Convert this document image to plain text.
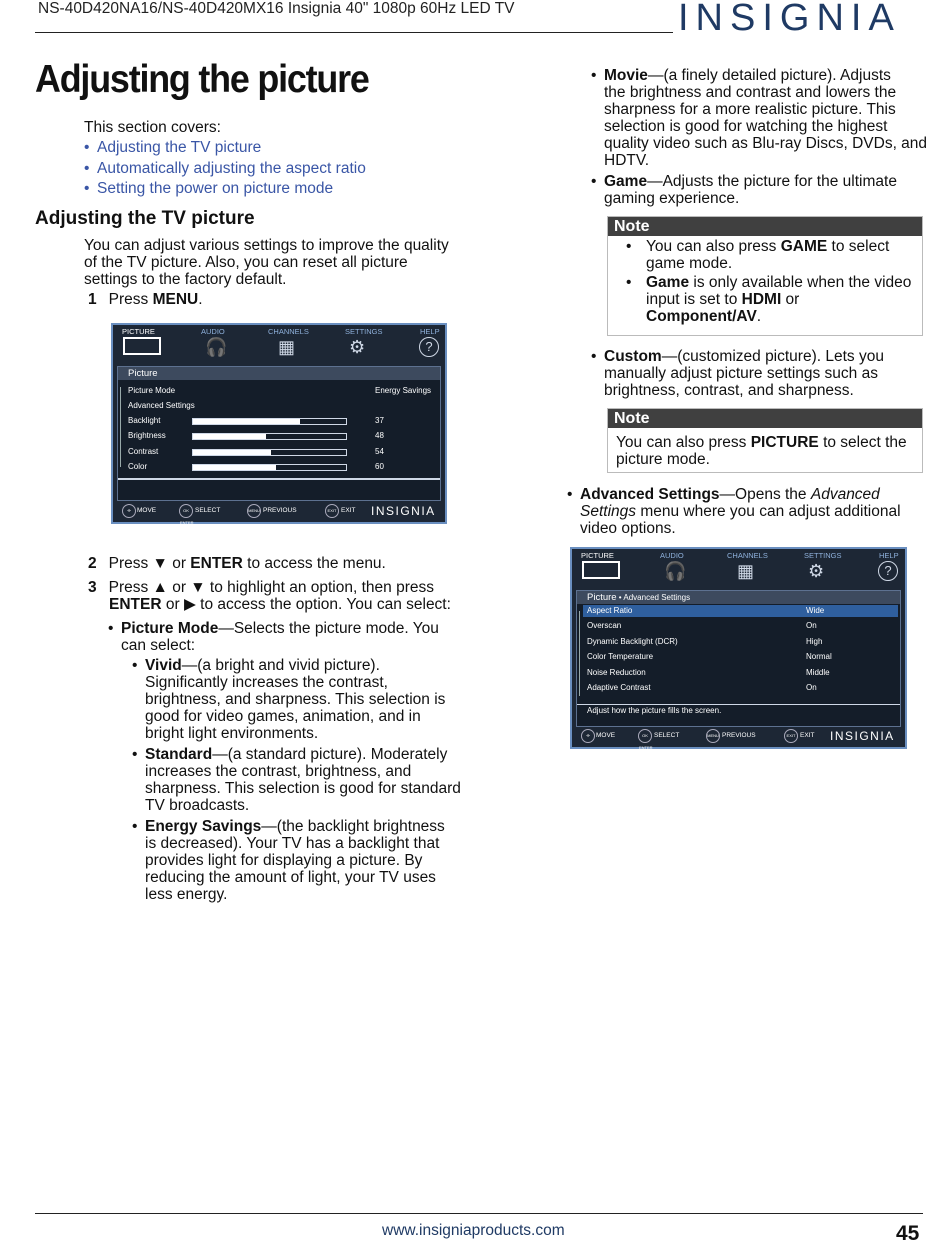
NS-40D420NA16/NS-40D420MX16 Insignia 40" 1080p 60Hz LED TV	INSIGNIA
Adjusting the picture
This section covers:
• Adjusting the TV picture
• Automatically adjusting the aspect ratio
• Setting the power on picture mode
Adjusting the TV picture
You can adjust various settings to improve the quality
of the TV picture. Also, you can reset all picture
settings to the factory default.
1 Press MENU.
PICTURE	AUDIO	CHANNELS	SETTINGS	HELP
🎧	▦	⚙	?
Picture
Picture Mode	Energy Savings
Advanced Settings
Backlight	37
Brightness	48
Contrast	54
Color	60
✣ MOVE	OK ENTER
SELECT	MENU PREVIOUS	EXIT EXIT INSIGNIA
2 Press ▼ or ENTER to access the menu.
3 Press ▲ or ▼ to highlight an option, then press
ENTER or ▶ to access the option. You can select:
• Picture Mode—Selects the picture mode. You
can select:
• Vivid—(a bright and vivid picture).
Significantly increases the contrast,
brightness, and sharpness. This selection is
good for video games, animation, and in
bright light environments.
• Standard—(a standard picture). Moderately
increases the contrast, brightness, and
sharpness. This selection is good for standard
TV broadcasts.
• Energy Savings—(the backlight brightness
is decreased). Your TV has a backlight that
provides light for displaying a picture. By
reducing the amount of light, your TV uses
less energy.
• Movie—(a finely detailed picture). Adjusts
the brightness and contrast and lowers the
sharpness for a more realistic picture. This
selection is good for watching the highest
quality video such as Blu-ray Discs, DVDs, and
HDTV.
• Game—Adjusts the picture for the ultimate
gaming experience.
Note
• You can also press GAME to select
game mode.
• Game is only available when the video
input is set to HDMI or
Component/AV.
• Custom—(customized picture). Lets you
manually adjust picture settings such as
brightness, contrast, and sharpness.
Note
You can also press PICTURE to select the
picture mode.
• Advanced Settings—Opens the Advanced
Settings menu where you can adjust additional
video options.
PICTURE	AUDIO	CHANNELS	SETTINGS	HELP
🎧	▦	⚙	?
Picture • Advanced Settings
Adjust how the picture fills the screen.
Aspect Ratio	Wide
Overscan	On
Dynamic Backlight (DCR)	High
Color Temperature	Normal
Noise Reduction	Middle
Adaptive Contrast	On
✣ MOVE	OK ENTER
SELECT	MENU PREVIOUS	EXIT EXIT INSIGNIA
www.insigniaproducts.com	45
